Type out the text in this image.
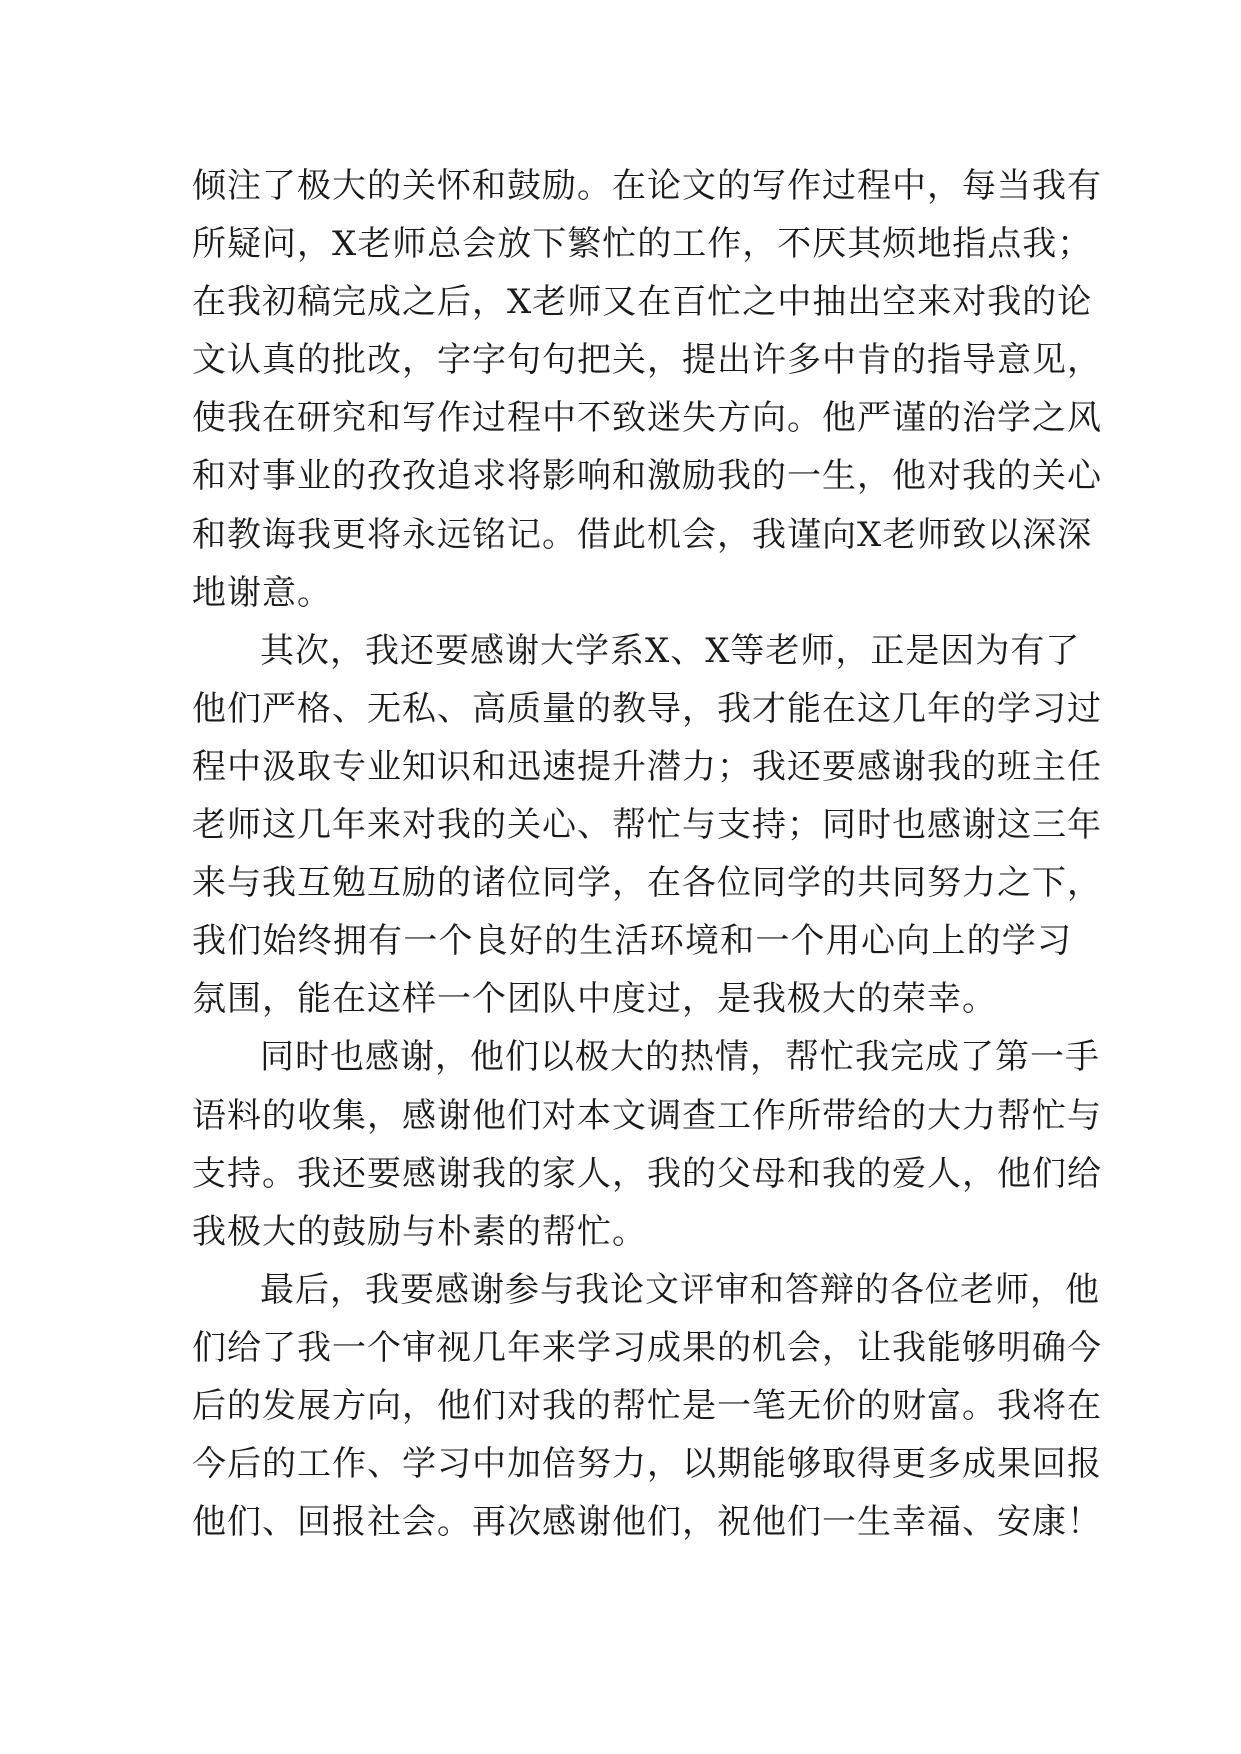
倾注了极大的关怀和鼓励。在论文的写作过程中，每当我有
所疑问，X老师总会放下繁忙的工作，不厌其烦地指点我；
在我初稿完成之后，X老师又在百忙之中抽出空来对我的论
文认真的批改，字字句句把关，提出许多中肯的指导意见，
使我在研究和写作过程中不致迷失方向。他严谨的治学之风
和对事业的孜孜追求将影响和激励我的一生，他对我的关心
和教诲我更将永远铭记。借此机会，我谨向X老师致以深深
地谢意。
其次，我还要感谢大学系X、X等老师，正是因为有了
他们严格、无私、高质量的教导，我才能在这几年的学习过
程中汲取专业知识和迅速提升潜力；我还要感谢我的班主任
老师这几年来对我的关心、帮忙与支持；同时也感谢这三年
来与我互勉互励的诸位同学，在各位同学的共同努力之下，
我们始终拥有一个良好的生活环境和一个用心向上的学习
氛围，能在这样一个团队中度过，是我极大的荣幸。
同时也感谢，他们以极大的热情，帮忙我完成了第一手
语料的收集，感谢他们对本文调查工作所带给的大力帮忙与
支持。我还要感谢我的家人，我的父母和我的爱人，他们给
我极大的鼓励与朴素的帮忙。
最后，我要感谢参与我论文评审和答辩的各位老师，他
们给了我一个审视几年来学习成果的机会，让我能够明确今
后的发展方向，他们对我的帮忙是一笔无价的财富。我将在
今后的工作、学习中加倍努力，以期能够取得更多成果回报
他们、回报社会。再次感谢他们，祝他们一生幸福、安康！
